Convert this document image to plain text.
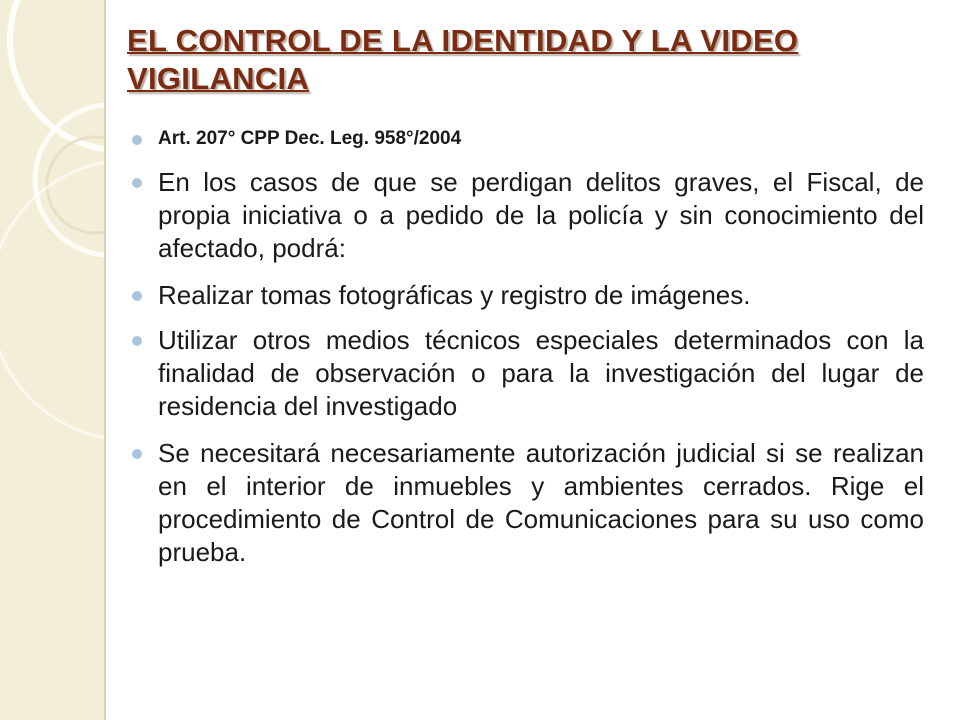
EL CONTROL DE LA IDENTIDAD Y LA VIDEO VIGILANCIA
Art. 207° CPP Dec. Leg. 958°/2004
En los casos de que se perdigan delitos graves, el Fiscal, de propia iniciativa o a pedido de la policía y sin conocimiento del afectado, podrá:
Realizar tomas fotográficas y registro de imágenes.
Utilizar otros medios técnicos especiales determinados con la finalidad de observación o para la investigación del lugar de residencia del investigado
Se necesitará necesariamente autorización judicial si se realizan en el interior de inmuebles y ambientes cerrados. Rige el procedimiento de Control de Comunicaciones para su uso como prueba.
